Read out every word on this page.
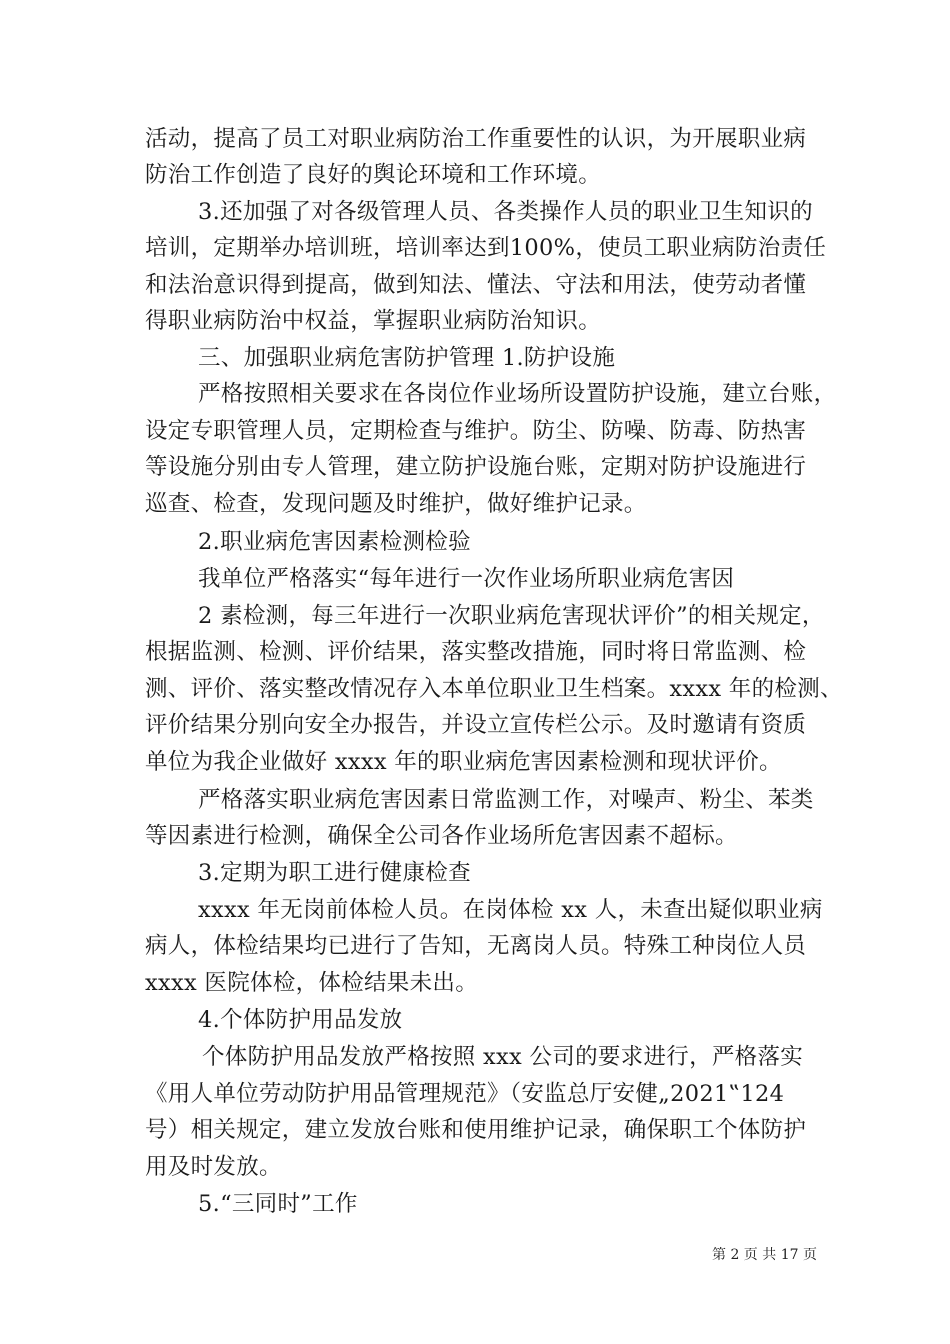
活动，提高了员工对职业病防治工作重要性的认识，为开展职业病
防治工作创造了良好的舆论环境和工作环境。
3.还加强了对各级管理人员、各类操作人员的职业卫生知识的
培训，定期举办培训班，培训率达到100%，使员工职业病防治责任
和法治意识得到提高，做到知法、懂法、守法和用法，使劳动者懂
得职业病防治中权益，掌握职业病防治知识。
三、加强职业病危害防护管理 1.防护设施
严格按照相关要求在各岗位作业场所设置防护设施，建立台账，
设定专职管理人员，定期检查与维护。防尘、防噪、防毒、防热害
等设施分别由专人管理，建立防护设施台账，定期对防护设施进行
巡查、检查，发现问题及时维护，做好维护记录。
2.职业病危害因素检测检验
我单位严格落实“每年进行一次作业场所职业病危害因
2 素检测，每三年进行一次职业病危害现状评价”的相关规定，
根据监测、检测、评价结果，落实整改措施，同时将日常监测、检
测、评价、落实整改情况存入本单位职业卫生档案。xxxx 年的检测、
评价结果分别向安全办报告，并设立宣传栏公示。及时邀请有资质
单位为我企业做好 xxxx 年的职业病危害因素检测和现状评价。
严格落实职业病危害因素日常监测工作，对噪声、粉尘、苯类
等因素进行检测，确保全公司各作业场所危害因素不超标。
3.定期为职工进行健康检查
xxxx 年无岗前体检人员。在岗体检 xx 人，未查出疑似职业病
病人，体检结果均已进行了告知，无离岗人员。特殊工种岗位人员
xxxx 医院体检，体检结果未出。
4.个体防护用品发放
个体防护用品发放严格按照 xxx 公司的要求进行，严格落实
《用人单位劳动防护用品管理规范》（安监总厅安健„2021‟124
号）相关规定，建立发放台账和使用维护记录，确保职工个体防护
用及时发放。
5.“三同时”工作
第 2 页 共 17 页
